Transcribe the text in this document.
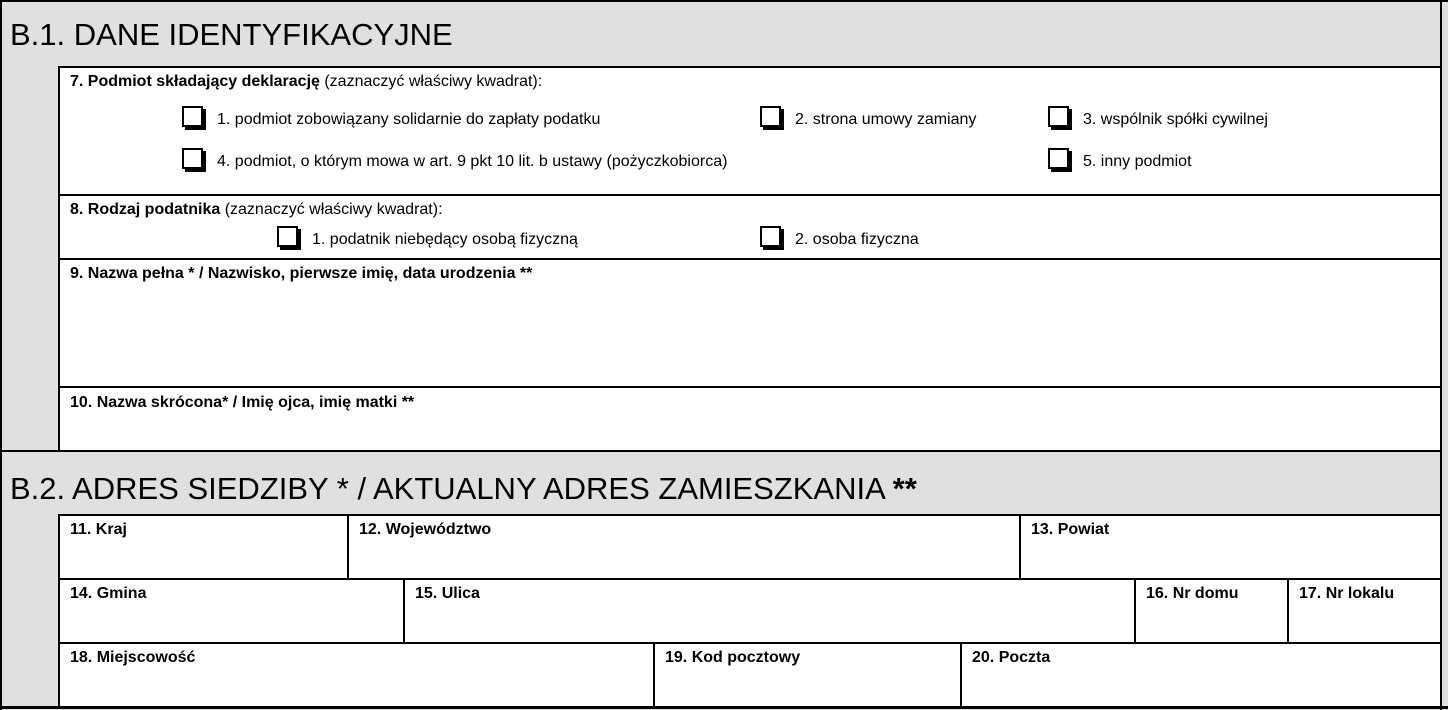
B.1. DANE IDENTYFIKACYJNE
7. Podmiot składający deklarację (zaznaczyć właściwy kwadrat):
1. podmiot zobowiązany solidarnie do zapłaty podatku	2. strona umowy zamiany	3. wspólnik spółki cywilnej
4. podmiot, o którym mowa w art. 9 pkt 10 lit. b ustawy (pożyczkobiorca)	5. inny podmiot
8. Rodzaj podatnika (zaznaczyć właściwy kwadrat):
1. podatnik niebędący osobą fizyczną	2. osoba fizyczna
9. Nazwa pełna * / Nazwisko, pierwsze imię, data urodzenia **
10. Nazwa skrócona* / Imię ojca, imię matki **
B.2. ADRES SIEDZIBY * / AKTUALNY ADRES ZAMIESZKANIA **
11. Kraj	12. Województwo	13. Powiat
14. Gmina	15. Ulica	16. Nr domu	17. Nr lokalu
18. Miejscowość	19. Kod pocztowy	20. Poczta
